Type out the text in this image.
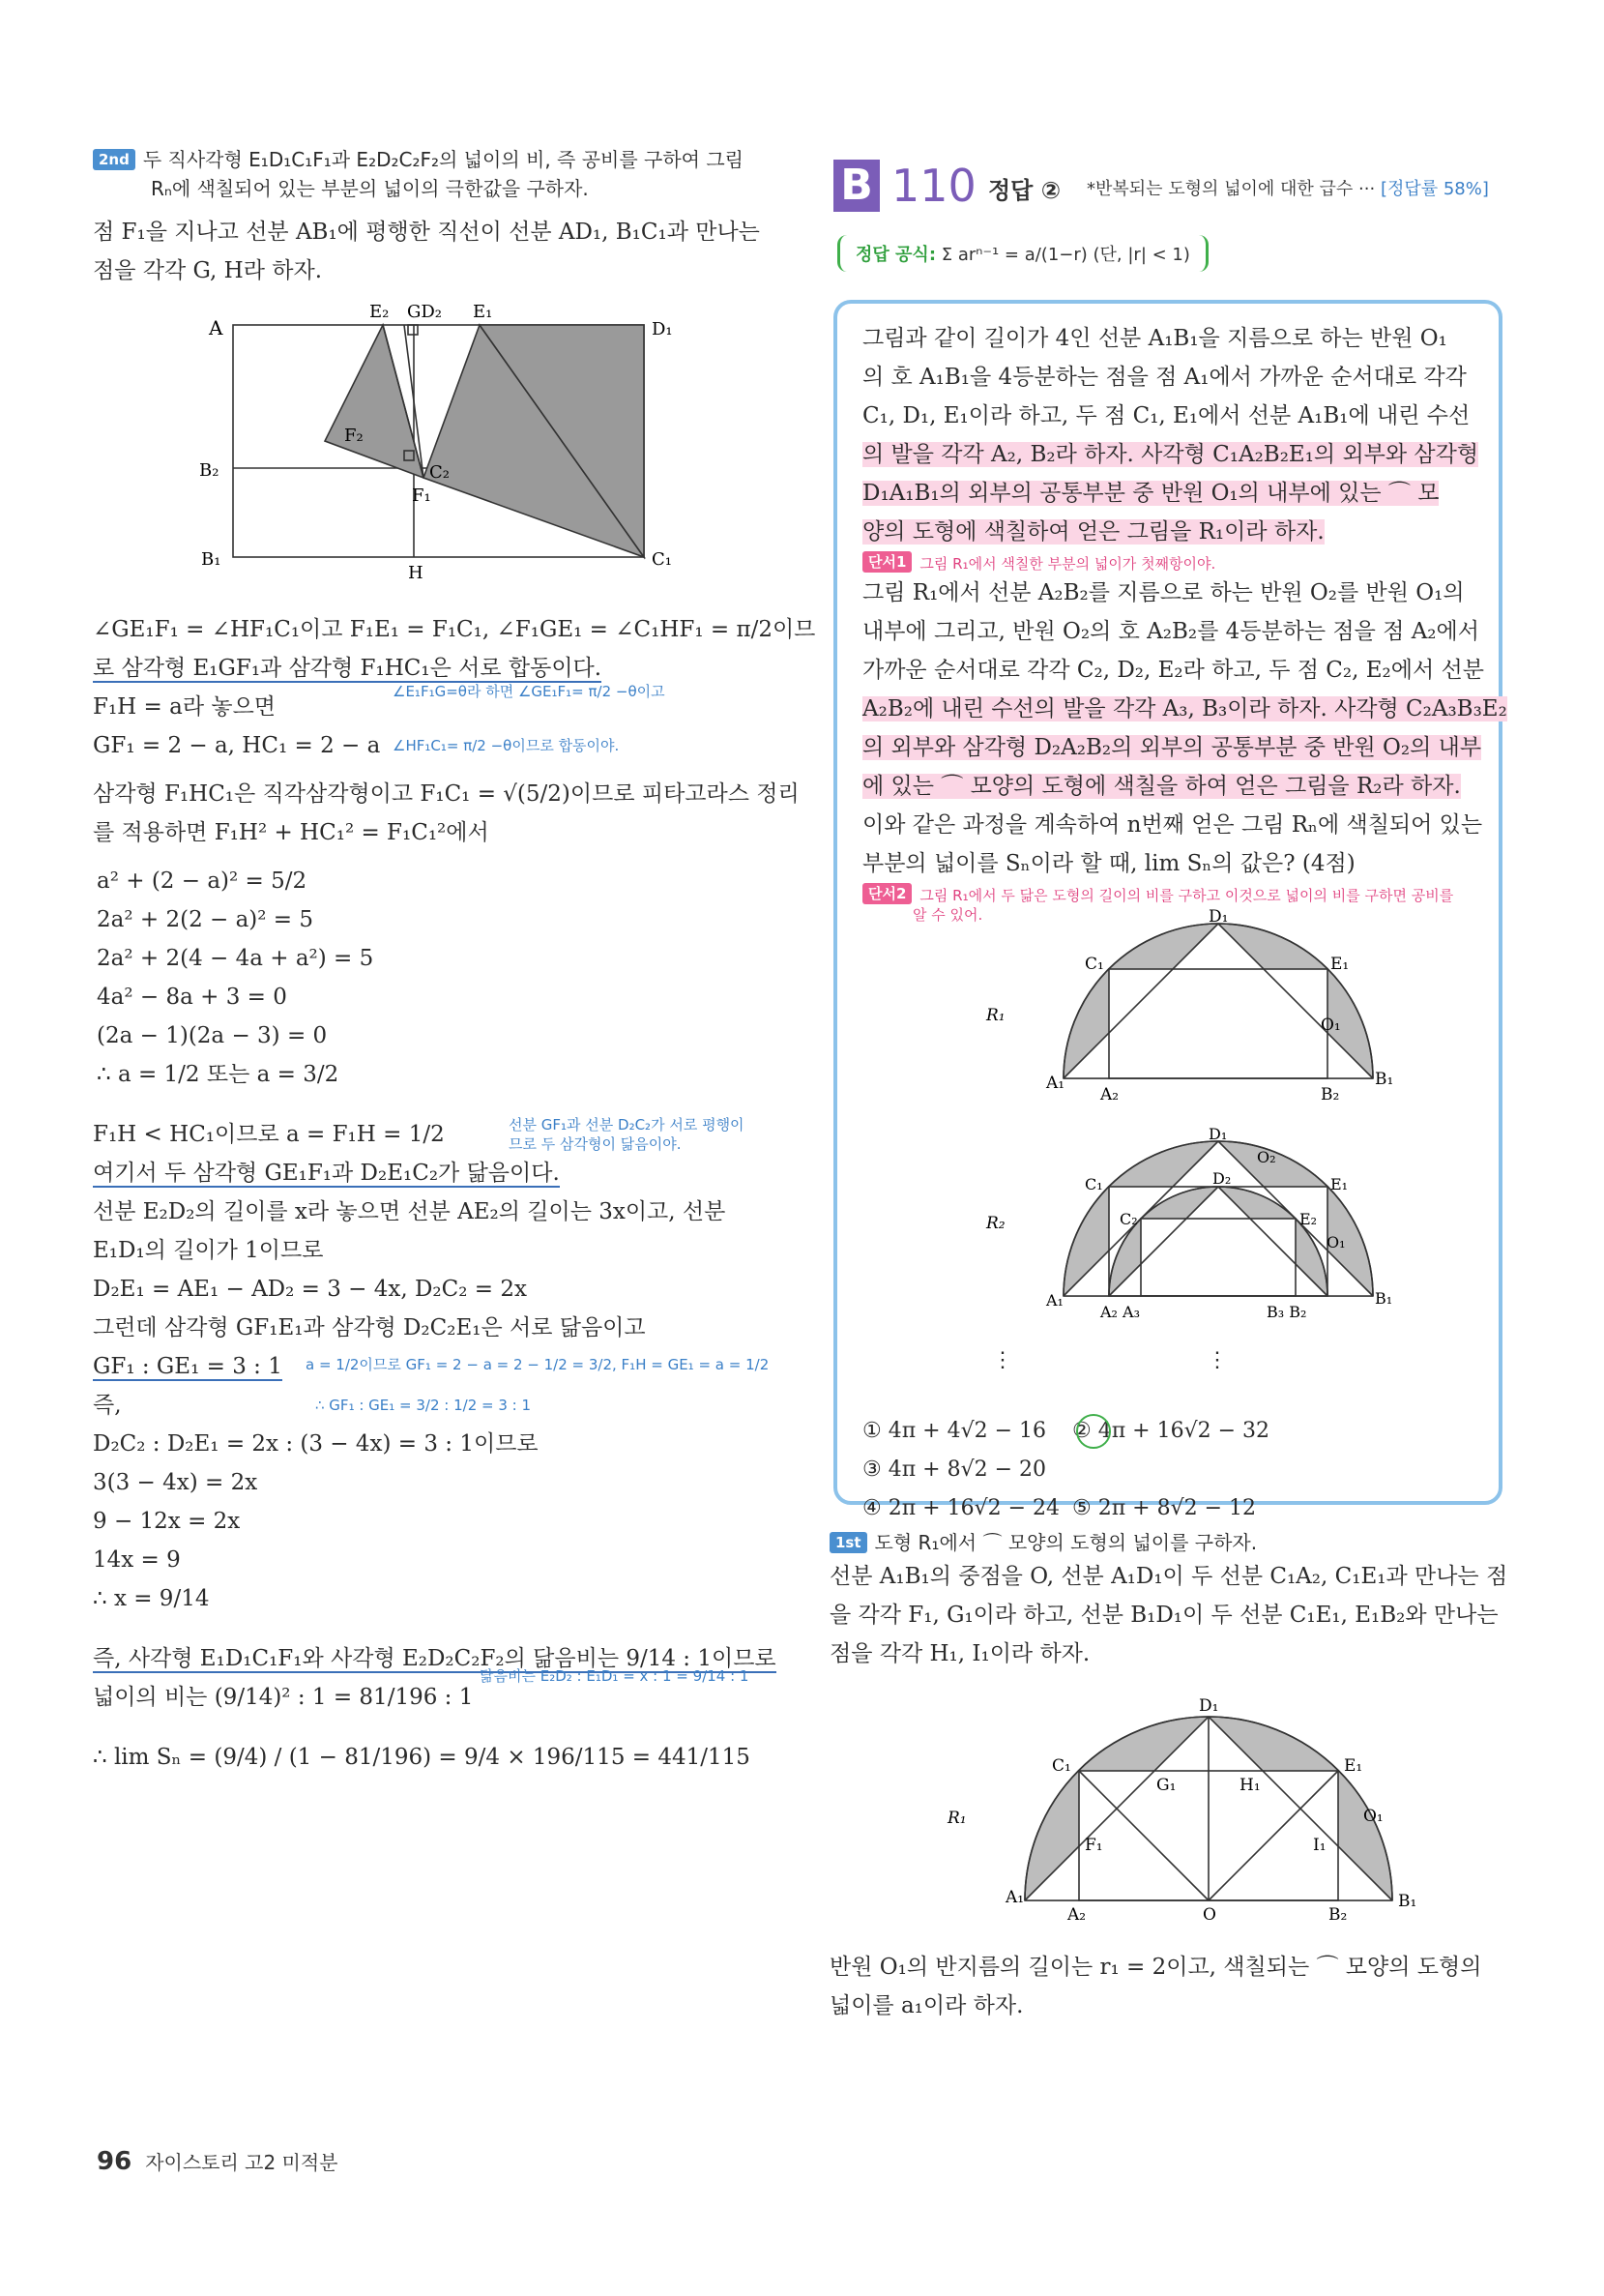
2nd 두 직사각형 E₁D₁C₁F₁과 E₂D₂C₂F₂의 넓이의 비, 즉 공비를 구하여 그림
Rₙ에 색칠되어 있는 부분의 넓이의 극한값을 구하자.
점 F₁을 지나고 선분 AB₁에 평행한 직선이 선분 AD₁, B₁C₁과 만나는
점을 각각 G, H라 하자.
A
E₂ GD₂ E₁
D₁
F₂
B₂	C₂
F₁
B₁
H
C₁
∠GE₁F₁ = ∠HF₁C₁이고 F₁E₁ = F₁C₁, ∠F₁GE₁ = ∠C₁HF₁ = π/2이므
로 삼각형 E₁GF₁과 삼각형 F₁HC₁은 서로 합동이다.
F₁H = a라 놓으면
∠E₁F₁G=θ라 하면 ∠GE₁F₁= π/2 −θ이고
GF₁ = 2 − a, HC₁ = 2 − a ∠HF₁C₁= π/2 −θ이므로 합동이야.
삼각형 F₁HC₁은 직각삼각형이고 F₁C₁ = √(5/2)이므로 피타고라스 정리
를 적용하면 F₁H² + HC₁² = F₁C₁²에서
a² + (2 − a)² = 5/2
2a² + 2(2 − a)² = 5
2a² + 2(4 − 4a + a²) = 5
4a² − 8a + 3 = 0
(2a − 1)(2a − 3) = 0
∴ a = 1/2 또는 a = 3/2
F₁H < HC₁이므로 a = F₁H = 1/2	선분 GF₁과 선분 D₂C₂가 서로 평행이
므로 두 삼각형이 닮음이야.
여기서 두 삼각형 GE₁F₁과 D₂E₁C₂가 닮음이다.
선분 E₂D₂의 길이를 x라 놓으면 선분 AE₂의 길이는 3x이고, 선분
E₁D₁의 길이가 1이므로
D₂E₁ = AE₁ − AD₂ = 3 − 4x, D₂C₂ = 2x
그런데 삼각형 GF₁E₁과 삼각형 D₂C₂E₁은 서로 닮음이고
GF₁ : GE₁ = 3 : 1 a = 1/2이므로 GF₁ = 2 − a = 2 − 1/2 = 3/2, F₁H = GE₁ = a = 1/2
즉,	∴ GF₁ : GE₁ = 3/2 : 1/2 = 3 : 1
D₂C₂ : D₂E₁ = 2x : (3 − 4x) = 3 : 1이므로
3(3 − 4x) = 2x
9 − 12x = 2x
14x = 9
∴ x = 9/14
즉, 사각형 E₁D₁C₁F₁와 사각형 E₂D₂C₂F₂의 닮음비는 9/14 : 1이므로
넓이의 비는 (9/14)² : 1 = 81/196 : 1
닮음비는 E₂D₂ : E₁D₁ = x : 1 = 9/14 : 1
∴ lim Sₙ = (9/4) / (1 − 81/196) = 9/4 × 196/115 = 441/115
B 110 정답 ② *반복되는 도형의 넓이에 대한 급수 ··· [정답률 58%]
정답 공식: Σ arⁿ⁻¹ = a/(1−r) (단, |r| < 1)
그림과 같이 길이가 4인 선분 A₁B₁을 지름으로 하는 반원 O₁
의 호 A₁B₁을 4등분하는 점을 점 A₁에서 가까운 순서대로 각각
C₁, D₁, E₁이라 하고, 두 점 C₁, E₁에서 선분 A₁B₁에 내린 수선
의 발을 각각 A₂, B₂라 하자. 사각형 C₁A₂B₂E₁의 외부와 삼각형
D₁A₁B₁의 외부의 공통부분 중 반원 O₁의 내부에 있는 ⌒ 모
양의 도형에 색칠하여 얻은 그림을 R₁이라 하자.
단서1 그림 R₁에서 색칠한 부분의 넓이가 첫째항이야.
그림 R₁에서 선분 A₂B₂를 지름으로 하는 반원 O₂를 반원 O₁의
내부에 그리고, 반원 O₂의 호 A₂B₂를 4등분하는 점을 점 A₂에서
가까운 순서대로 각각 C₂, D₂, E₂라 하고, 두 점 C₂, E₂에서 선분
A₂B₂에 내린 수선의 발을 각각 A₃, B₃이라 하자. 사각형 C₂A₃B₃E₂
의 외부와 삼각형 D₂A₂B₂의 외부의 공통부분 중 반원 O₂의 내부
에 있는 ⌒ 모양의 도형에 색칠을 하여 얻은 그림을 R₂라 하자.
이와 같은 과정을 계속하여 n번째 얻은 그림 Rₙ에 색칠되어 있는
부분의 넓이를 Sₙ이라 할 때, lim Sₙ의 값은? (4점)
단서2 그림 R₁에서 두 닮은 도형의 길이의 비를 구하고 이것으로 넓이의 비를 구하면 공비를
알 수 있어.
R₁
D₁
C₁	E₁
O₁
A₁
A₂	B₂
B₁
R₂
D₁
O₂
C₁	D₂	E₁
C₂	E₂
O₁
A₁
A₂ A₃	B₃ B₂
B₁
⋮	⋮
① 4π + 4√2 − 16 ② 4π + 16√2 − 32 ③ 4π + 8√2 − 20
④ 2π + 16√2 − 24 ⑤ 2π + 8√2 − 12
1st 도형 R₁에서 ⌒ 모양의 도형의 넓이를 구하자.
선분 A₁B₁의 중점을 O, 선분 A₁D₁이 두 선분 C₁A₂, C₁E₁과 만나는 점
을 각각 F₁, G₁이라 하고, 선분 B₁D₁이 두 선분 C₁E₁, E₁B₂와 만나는
점을 각각 H₁, I₁이라 하자.
R₁
D₁
C₁
G₁	H₁
E₁
O₁
F₁	I₁
A₁
A₂	O	B₂
B₁
반원 O₁의 반지름의 길이는 r₁ = 2이고, 색칠되는 ⌒ 모양의 도형의
넓이를 a₁이라 하자.
96 자이스토리 고2 미적분
